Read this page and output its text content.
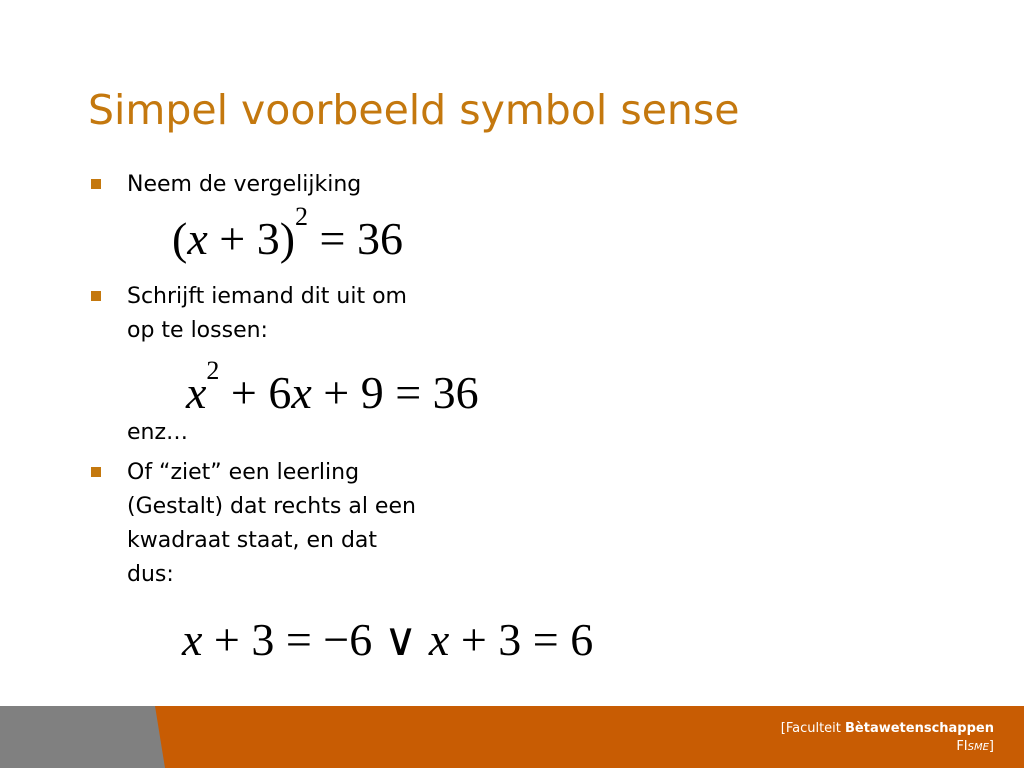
Simpel voorbeeld symbol sense
Neem de vergelijking
$(x + 3)^2 = 36$
Schrijft iemand dit uit om
op te lossen:
$x^2 + 6x + 9 = 36$
enz…
Of “ziet” een leerling
(Gestalt) dat rechts al een
kwadraat staat, en dat
dus:
x + 3 = −6 ∨ x + 3 = 6
[Faculteit Bètawetenschappen
FISME]
